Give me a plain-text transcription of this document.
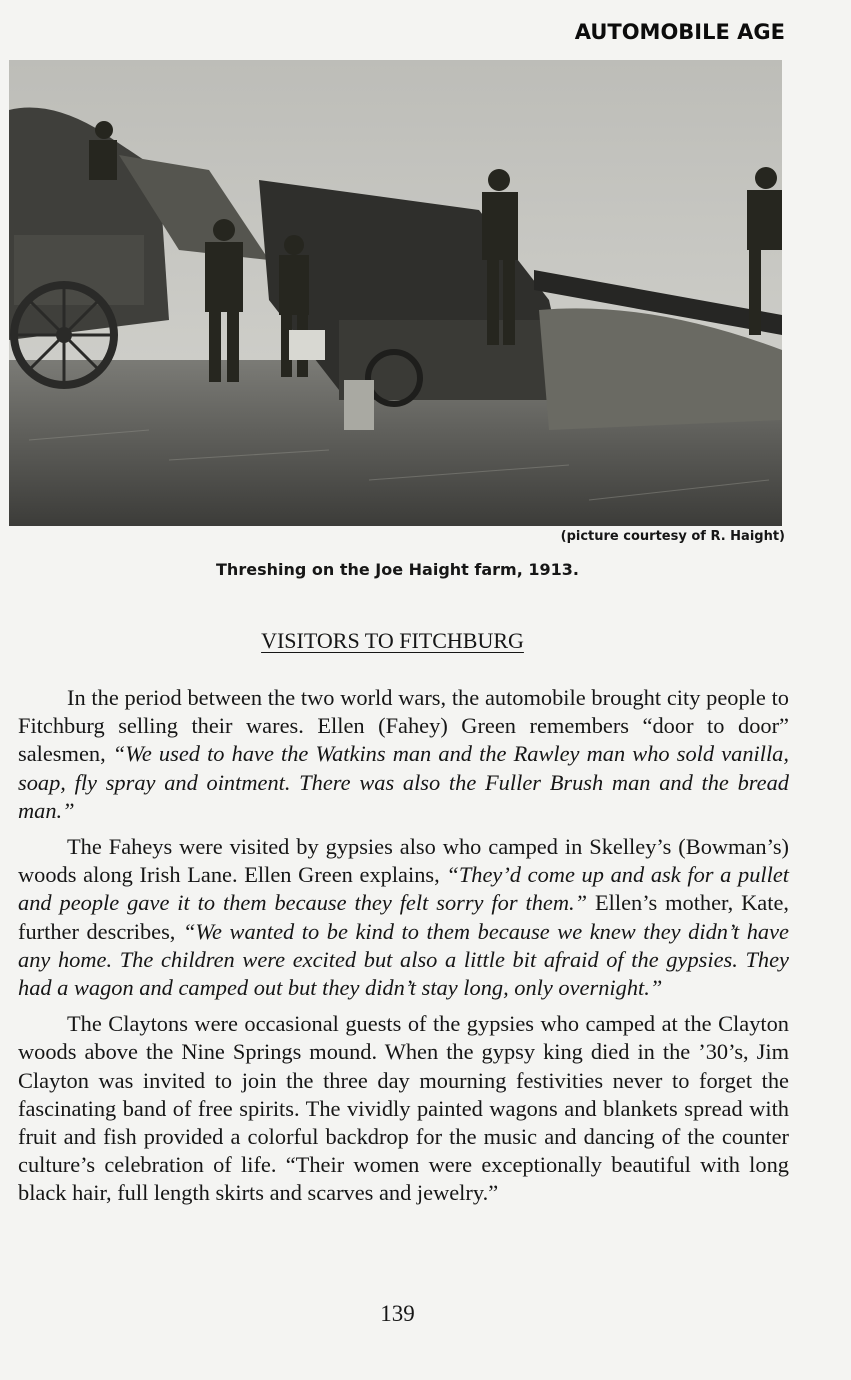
AUTOMOBILE AGE
(picture courtesy of R. Haight)
Threshing on the Joe Haight farm, 1913.
VISITORS TO FITCHBURG

In the period between the two world wars, the automobile brought city people to Fitchburg selling their wares. Ellen (Fahey) Green remembers “door to door” salesmen, “We used to have the Watkins man and the Rawley man who sold vanilla, soap, fly spray and ointment. There was also the Fuller Brush man and the bread man.”

The Faheys were visited by gypsies also who camped in Skelley’s (Bowman’s) woods along Irish Lane. Ellen Green explains, “They’d come up and ask for a pullet and people gave it to them because they felt sorry for them.” Ellen’s mother, Kate, further describes, “We wanted to be kind to them because we knew they didn’t have any home. The children were excited but also a little bit afraid of the gypsies. They had a wagon and camped out but they didn’t stay long, only overnight.”

The Claytons were occasional guests of the gypsies who camped at the Clayton woods above the Nine Springs mound. When the gypsy king died in the ’30’s, Jim Clayton was invited to join the three day mourning festivities never to forget the fascinating band of free spirits. The vividly painted wagons and blankets spread with fruit and fish provided a colorful backdrop for the music and dancing of the counter culture’s celebration of life. “Their women were exceptionally beautiful with long black hair, full length skirts and scarves and jewelry.”

139
